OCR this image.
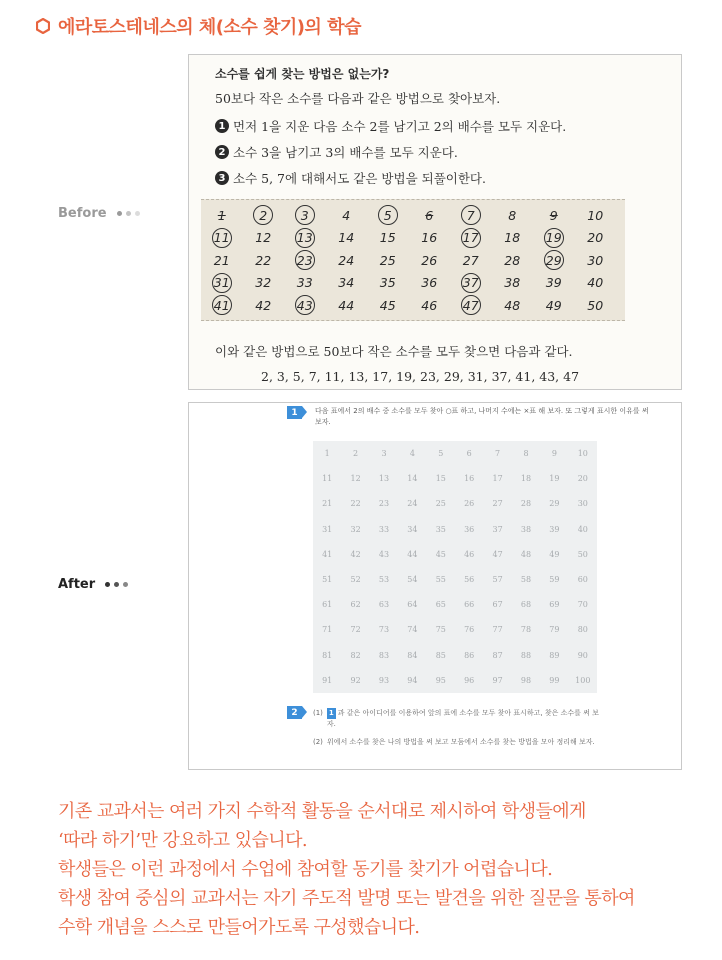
에라토스테네스의 체(소수 찾기)의 학습
Before
소수를 쉽게 찾는 방법은 없는가?
50보다 작은 소수를 다음과 같은 방법으로 찾아보자.
1 먼저 1을 지운 다음 소수 2를 남기고 2의 배수를 모두 지운다.
2 소수 3을 남기고 3의 배수를 모두 지운다.
3 소수 5, 7에 대해서도 같은 방법을 되풀이한다.
1	2	3	4	5	6	7	8	9	10
11 12 13 14 15 16 17 18 19 20
21 22 23 24 25 26 27 28 29 30
31 32 33 34 35 36 37 38 39 40
41 42 43 44 45 46 47 48 49 50
이와 같은 방법으로 50보다 작은 소수를 모두 찾으면 다음과 같다.
2, 3, 5, 7, 11, 13, 17, 19, 23, 29, 31, 37, 41, 43, 47
After
1	다음 표에서 2의 배수 중 소수를 모두 찾아 ○표 하고, 나머지 수에는 ×표 해 보자. 또 그렇게 표시한 이유를 써 보자.
1	2	3	4	5	6	7	8	9	10
11	12	13	14	15	16	17	18	19	20
21	22	23	24	25	26	27	28	29	30
31	32	33	34	35	36	37	38	39	40
41	42	43	44	45	46	47	48	49	50
51	52	53	54	55	56	57	58	59	60
61	62	63	64	65	66	67	68	69	70
71	72	73	74	75	76	77	78	79	80
81	82	83	84	85	86	87	88	89	90
91	92	93	94	95	96	97	98	99	100
2	(1) 1 과 같은 아이디어를 이용하여 앞의 표에 소수를 모두 찾아 표시하고, 찾은 소수를 써 보자.
(2) 위에서 소수를 찾은 나의 방법을 써 보고 모둠에서 소수를 찾는 방법을 모아 정리해 보자.
기존 교과서는 여러 가지 수학적 활동을 순서대로 제시하여 학생들에게
‘따라 하기’만 강요하고 있습니다.
학생들은 이런 과정에서 수업에 참여할 동기를 찾기가 어렵습니다.
학생 참여 중심의 교과서는 자기 주도적 발명 또는 발견을 위한 질문을 통하여
수학 개념을 스스로 만들어가도록 구성했습니다.
